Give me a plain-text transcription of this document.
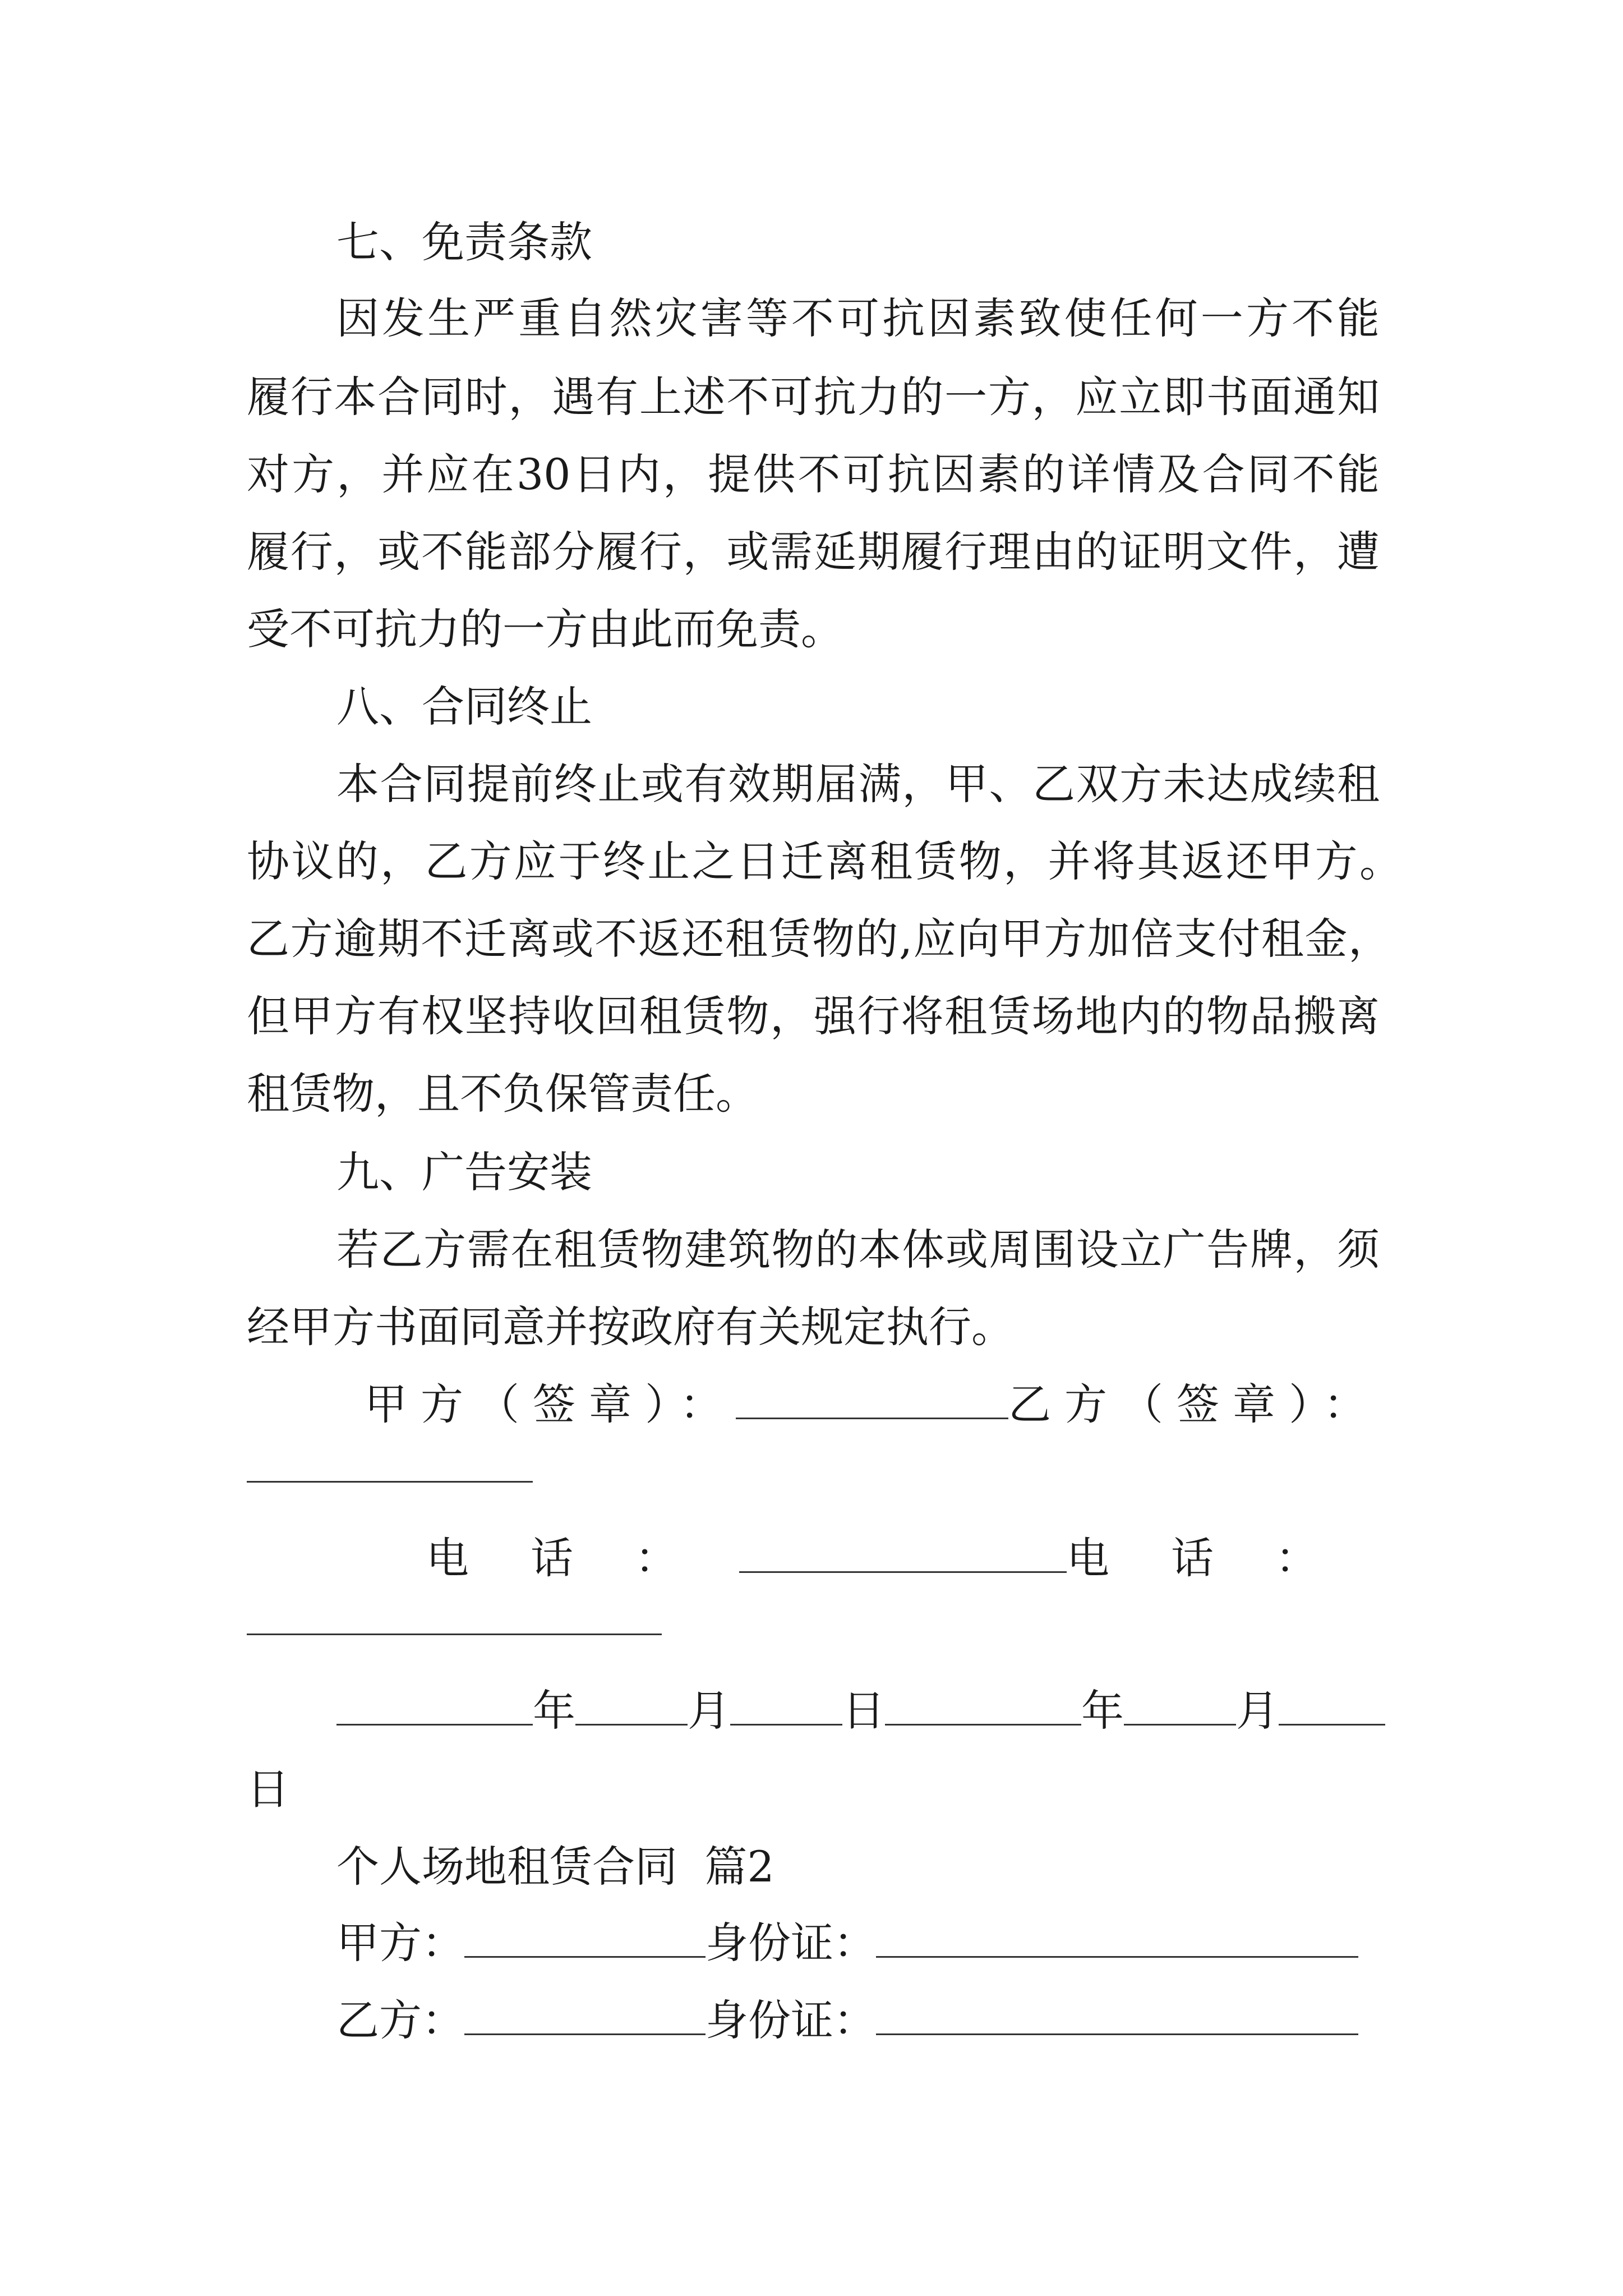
七、免责条款
因发生严重自然灾害等不可抗因素致使任何一方不能
履行本合同时，遇有上述不可抗力的一方，应立即书面通知
对方，并应在30日内，提供不可抗因素的详情及合同不能
履行，或不能部分履行，或需延期履行理由的证明文件，遭
受不可抗力的一方由此而免责。
八、合同终止
本合同提前终止或有效期届满，甲、乙双方未达成续租
协议的，乙方应于终止之日迁离租赁物，并将其返还甲方。
乙方逾期不迁离或不返还租赁物的,应向甲方加倍支付租金，
但甲方有权坚持收回租赁物，强行将租赁场地内的物品搬离
租赁物，且不负保管责任。
九、广告安装
若乙方需在租赁物建筑物的本体或周围设立广告牌，须
经甲方书面同意并按政府有关规定执行。
甲方（签章）：	乙方（签章）：
电话：	电话：
年	月	日	年	月
日
个人场地租赁合同  篇2
甲方：	身份证：
乙方：	身份证：
